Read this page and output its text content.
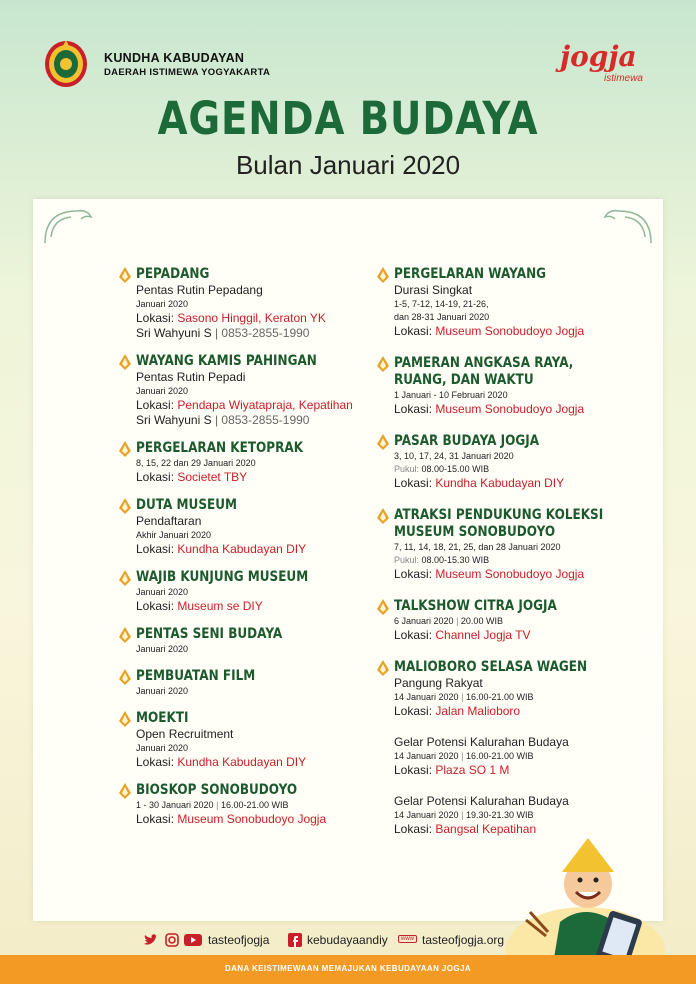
KUNDHA KABUDAYAN
DAERAH ISTIMEWA YOGYAKARTA	jogja
istimewa
AGENDA BUDAYA
Bulan Januari 2020
PEPADANG
Pentas Rutin Pepadang
Januari 2020
Lokasi: Sasono Hinggil, Keraton YK
Sri Wahyuni S | 0853-2855-1990
WAYANG KAMIS PAHINGAN
Pentas Rutin Pepadi
Januari 2020
Lokasi: Pendapa Wiyatapraja, Kepatihan
Sri Wahyuni S | 0853-2855-1990
PERGELARAN KETOPRAK
8, 15, 22 dan 29 Januari 2020
Lokasi: Societet TBY
DUTA MUSEUM
Pendaftaran
Akhir Januari 2020
Lokasi: Kundha Kabudayan DIY
WAJIB KUNJUNG MUSEUM
Januari 2020
Lokasi: Museum se DIY
PENTAS SENI BUDAYA
Januari 2020
PEMBUATAN FILM
Januari 2020
MOEKTI
Open Recruitment
Januari 2020
Lokasi: Kundha Kabudayan DIY
BIOSKOP SONOBUDOYO
1 - 30 Januari 2020 | 16.00-21.00 WIB
Lokasi: Museum Sonobudoyo Jogja
PERGELARAN WAYANG
Durasi Singkat
1-5, 7-12, 14-19, 21-26,
dan 28-31 Januari 2020
Lokasi: Museum Sonobudoyo Jogja
PAMERAN ANGKASA RAYA,
RUANG, DAN WAKTU
1 Januari - 10 Februari 2020
Lokasi: Museum Sonobudoyo Jogja
PASAR BUDAYA JOGJA
3, 10, 17, 24, 31 Januari 2020
Pukul: 08.00-15.00 WIB
Lokasi: Kundha Kabudayan DIY
ATRAKSI PENDUKUNG KOLEKSI
MUSEUM SONOBUDOYO
7, 11, 14, 18, 21, 25, dan 28 Januari 2020
Pukul: 08.00-15.30 WIB
Lokasi: Museum Sonobudoyo Jogja
TALKSHOW CITRA JOGJA
6 Januari 2020 | 20.00 WIB
Lokasi: Channel Jogja TV
MALIOBORO SELASA WAGEN
Pangung Rakyat
14 Januari 2020 | 16.00-21.00 WIB
Lokasi: Jalan Malioboro
Gelar Potensi Kalurahan Budaya
14 Januari 2020 | 16.00-21.00 WIB
Lokasi: Plaza SO 1 M
Gelar Potensi Kalurahan Budaya
14 Januari 2020 | 19.30-21.30 WIB
Lokasi: Bangsal Kepatihan
tasteofjogja	kebudayaandiy	www tasteofjogja.org
DANA KEISTIMEWAAN MEMAJUKAN KEBUDAYAAN JOGJA
